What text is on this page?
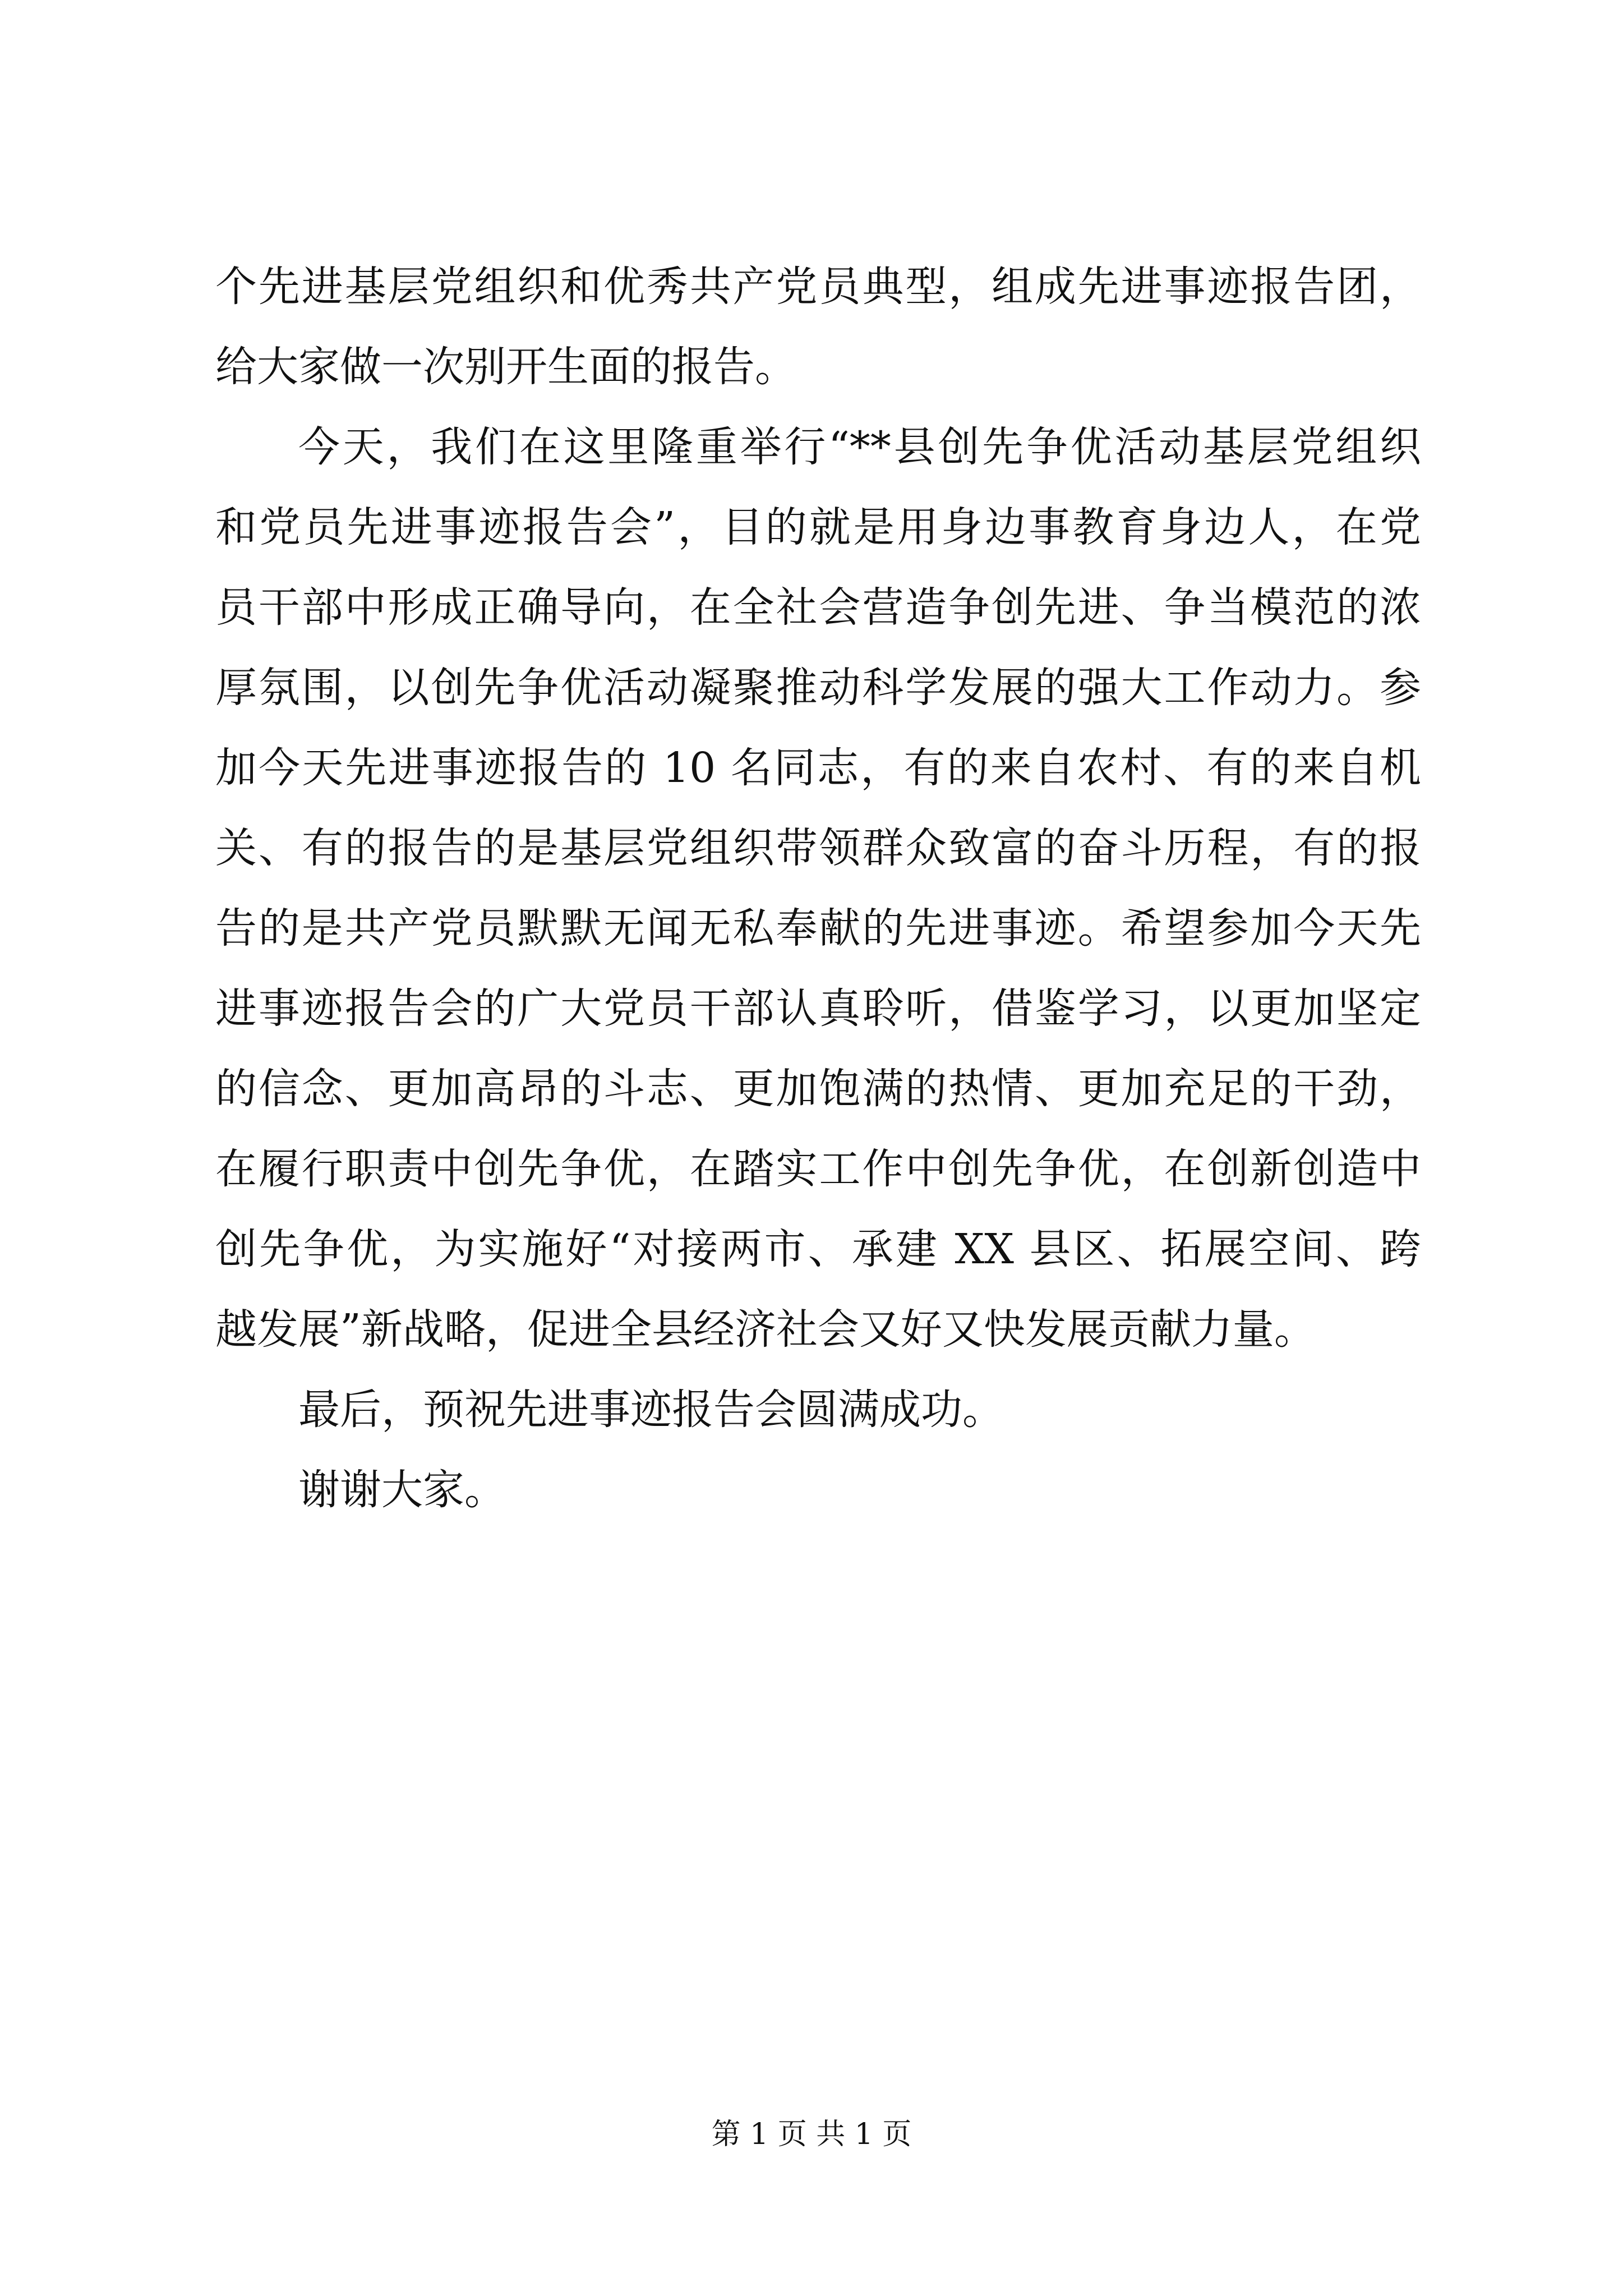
个先进基层党组织和优秀共产党员典型，组成先进事迹报告团，
给大家做一次别开生面的报告。
今天，我们在这里隆重举行“**县创先争优活动基层党组织
和党员先进事迹报告会”，目的就是用身边事教育身边人，在党
员干部中形成正确导向，在全社会营造争创先进、争当模范的浓
厚氛围，以创先争优活动凝聚推动科学发展的强大工作动力。参
加今天先进事迹报告的 10 名同志，有的来自农村、有的来自机
关、有的报告的是基层党组织带领群众致富的奋斗历程，有的报
告的是共产党员默默无闻无私奉献的先进事迹。希望参加今天先
进事迹报告会的广大党员干部认真聆听，借鉴学习，以更加坚定
的信念、更加高昂的斗志、更加饱满的热情、更加充足的干劲，
在履行职责中创先争优，在踏实工作中创先争优，在创新创造中
创先争优，为实施好“对接两市、承建 XX 县区、拓展空间、跨
越发展”新战略，促进全县经济社会又好又快发展贡献力量。
最后，预祝先进事迹报告会圆满成功。
谢谢大家。
第 1 页 共 1 页
